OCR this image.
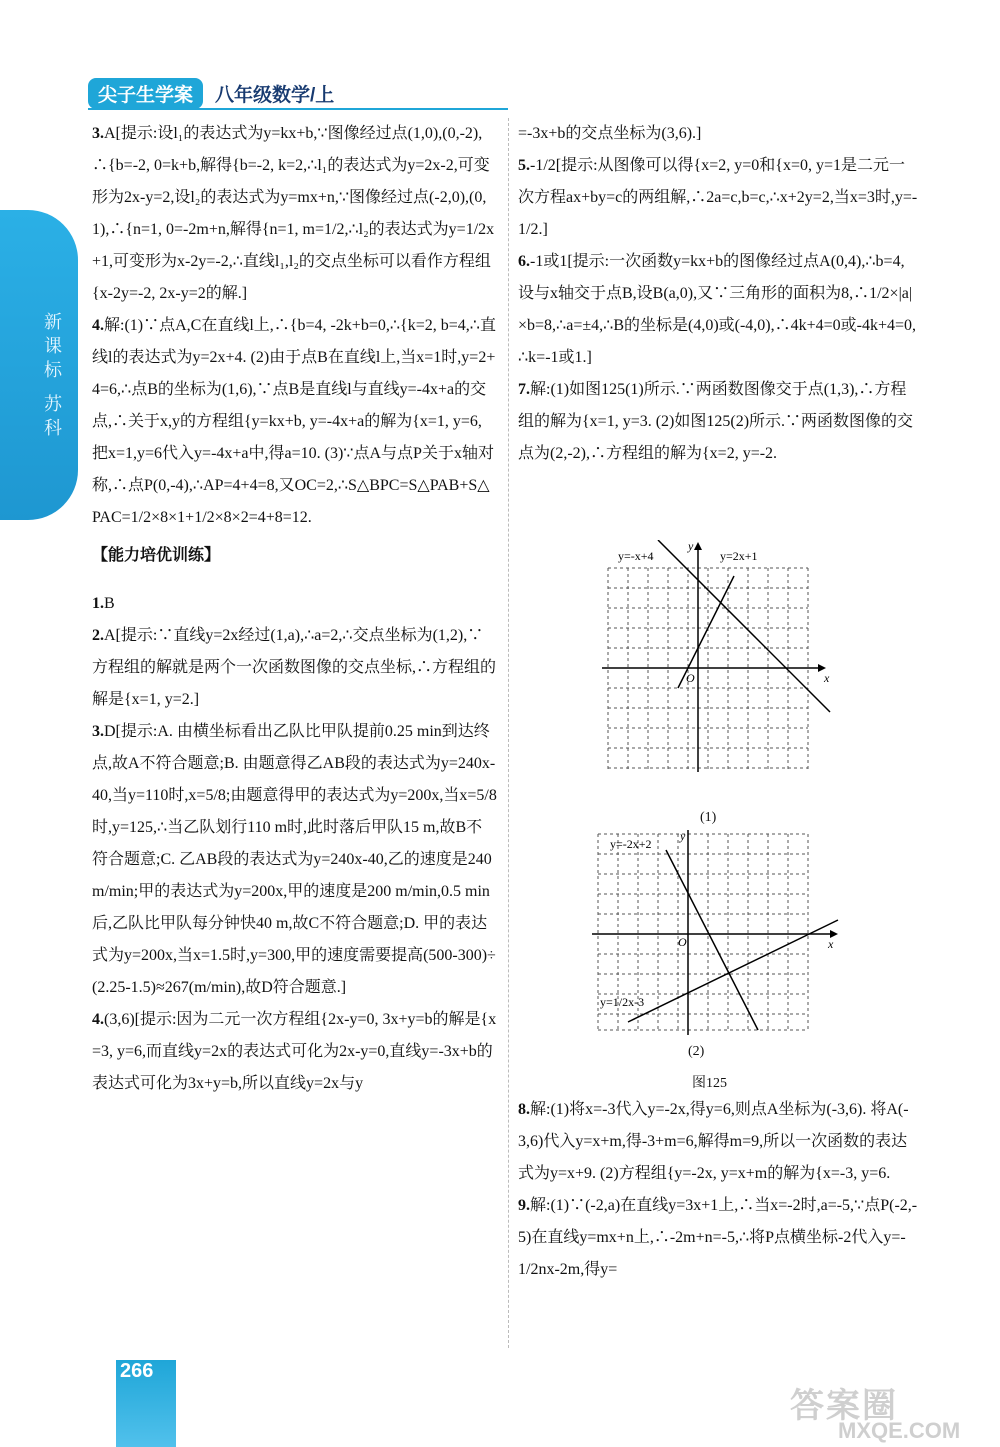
新
课
标
苏
科
尖子生学案	八年级数学/上

3.A[提示:设l₁的表达式为y=kx+b,∵图像经过点(1,0),(0,-2),∴{b=-2, 0=k+b,解得{b=-2, k=2,∴l₁的表达式为y=2x-2,可变形为2x-y=2,设l₂的表达式为y=mx+n,∵图像经过点(-2,0),(0,1),∴{n=1, 0=-2m+n,解得{n=1, m=1/2,∴l₂的表达式为y=1/2x+1,可变形为x-2y=-2,∴直线l₁,l₂的交点坐标可以看作方程组{x-2y=-2, 2x-y=2的解.]

4.解:(1)∵点A,C在直线l上,∴{b=4, -2k+b=0,∴{k=2, b=4,∴直线l的表达式为y=2x+4. (2)由于点B在直线l上,当x=1时,y=2+4=6,∴点B的坐标为(1,6),∵点B是直线l与直线y=-4x+a的交点,∴关于x,y的方程组{y=kx+b, y=-4x+a的解为{x=1, y=6,把x=1,y=6代入y=-4x+a中,得a=10. (3)∵点A与点P关于x轴对称,∴点P(0,-4),∴AP=4+4=8,又OC=2,∴S△BPC=S△PAB+S△PAC=1/2×8×1+1/2×8×2=4+8=12.

【能力培优训练】

1.B

2.A[提示:∵直线y=2x经过(1,a),∴a=2,∴交点坐标为(1,2),∵方程组的解就是两个一次函数图像的交点坐标,∴方程组的解是{x=1, y=2.]

3.D[提示:A. 由横坐标看出乙队比甲队提前0.25 min到达终点,故A不符合题意;B. 由题意得乙AB段的表达式为y=240x-40,当y=110时,x=5/8;由题意得甲的表达式为y=200x,当x=5/8时,y=125,∴当乙队划行110 m时,此时落后甲队15 m,故B不符合题意;C. 乙AB段的表达式为y=240x-40,乙的速度是240 m/min;甲的表达式为y=200x,甲的速度是200 m/min,0.5 min后,乙队比甲队每分钟快40 m,故C不符合题意;D. 甲的表达式为y=200x,当x=1.5时,y=300,甲的速度需要提高(500-300)÷(2.25-1.5)≈267(m/min),故D符合题意.]

4.(3,6)[提示:因为二元一次方程组{2x-y=0, 3x+y=b的解是{x=3, y=6,而直线y=2x的表达式可化为2x-y=0,直线y=-3x+b的表达式可化为3x+y=b,所以直线y=2x与y

=-3x+b的交点坐标为(3,6).]

5.-1/2[提示:从图像可以得{x=2, y=0和{x=0, y=1是二元一次方程ax+by=c的两组解,∴2a=c,b=c,∴x+2y=2,当x=3时,y=-1/2.]

6.-1或1[提示:一次函数y=kx+b的图像经过点A(0,4),∴b=4,设与x轴交于点B,设B(a,0),又∵三角形的面积为8,∴1/2×|a|×b=8,∴a=±4,∴B的坐标是(4,0)或(-4,0),∴4k+4=0或-4k+4=0,∴k=-1或1.]

7.解:(1)如图125(1)所示.∵两函数图像交于点(1,3),∴方程组的解为{x=1, y=3. (2)如图125(2)所示.∵两函数图像的交点为(2,-2),∴方程组的解为{x=2, y=-2.

y=-x+4	y=2x+1
x
y
O
(1)
y=-2x+2
y=1/2x-3
x
y
O
(2)
图125

8.解:(1)将x=-3代入y=-2x,得y=6,则点A坐标为(-3,6). 将A(-3,6)代入y=x+m,得-3+m=6,解得m=9,所以一次函数的表达式为y=x+9. (2)方程组{y=-2x, y=x+m的解为{x=-3, y=6.

9.解:(1)∵(-2,a)在直线y=3x+1上,∴当x=-2时,a=-5,∵点P(-2,-5)在直线y=mx+n上,∴-2m+n=-5,∴将P点横坐标-2代入y=-1/2nx-2m,得y=

266
答案圈
MXQE.COM
